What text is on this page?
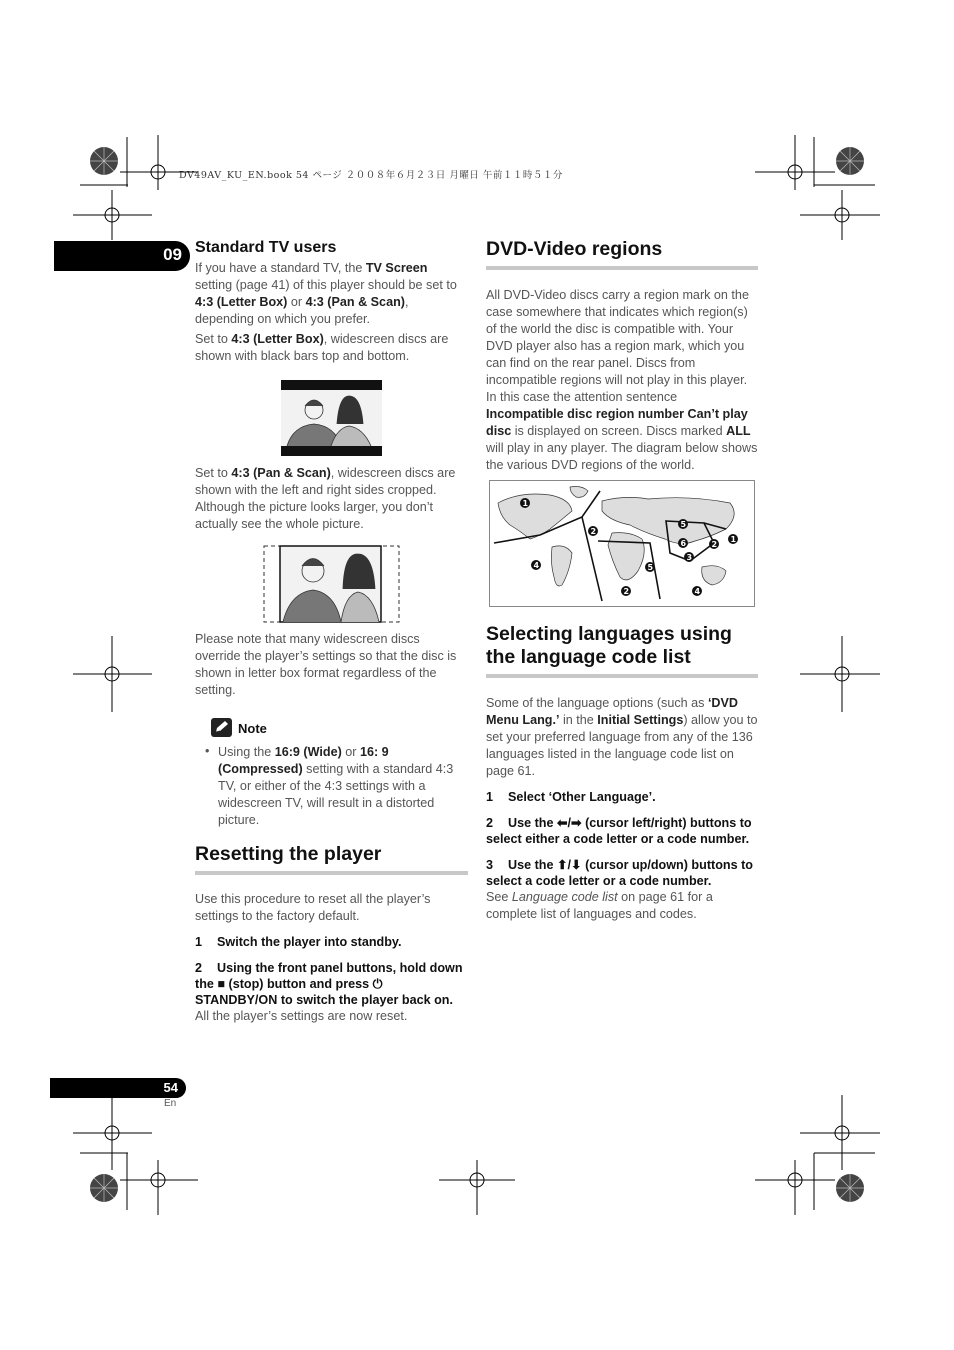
DV49AV_KU_EN.book 54 ページ ２００８年６月２３日 月曜日 午前１１時５１分
09 Standard TV users

If you have a standard TV, the TV Screen setting (page 41) of this player should be set to 4:3 (Letter Box) or 4:3 (Pan & Scan), depending on which you prefer.

Set to 4:3 (Letter Box), widescreen discs are shown with black bars top and bottom.

Set to 4:3 (Pan & Scan), widescreen discs are shown with the left and right sides cropped. Although the picture looks larger, you don’t actually see the whole picture.

Please note that many widescreen discs override the player’s settings so that the disc is shown in letter box format regardless of the setting.

Note
• Using the 16:9 (Wide) or 16: 9 (Compressed) setting with a standard 4:3 TV, or either of the 4:3 settings with a widescreen TV, will result in a distorted picture.
Resetting the player

Use this procedure to reset all the player’s settings to the factory default.

1 Switch the player into standby.
2 Using the front panel buttons, hold down the ■ (stop) button and press ⏻ STANDBY/ON to switch the player back on.

All the player’s settings are now reset.

DVD-Video regions

All DVD-Video discs carry a region mark on the case somewhere that indicates which region(s) of the world the disc is compatible with. Your DVD player also has a region mark, which you can find on the rear panel. Discs from incompatible regions will not play in this player. In this case the attention sentence Incompatible disc region number Can’t play disc is displayed on screen. Discs marked ALL will play in any player. The diagram below shows the various DVD regions of the world.

1
2
2
3
4
4
5
5
6	2
1
Selecting languages using the language code list

Some of the language options (such as ‘DVD Menu Lang.’ in the Initial Settings) allow you to set your preferred language from any of the 136 languages listed in the language code list on page 61.

1 Select ‘Other Language’.
2 Use the ⬅/➡ (cursor left/right) buttons to select either a code letter or a code number.
3 Use the ⬆/⬇ (cursor up/down) buttons to select a code letter or a code number.

See Language code list on page 61 for a complete list of languages and codes.

54
En
